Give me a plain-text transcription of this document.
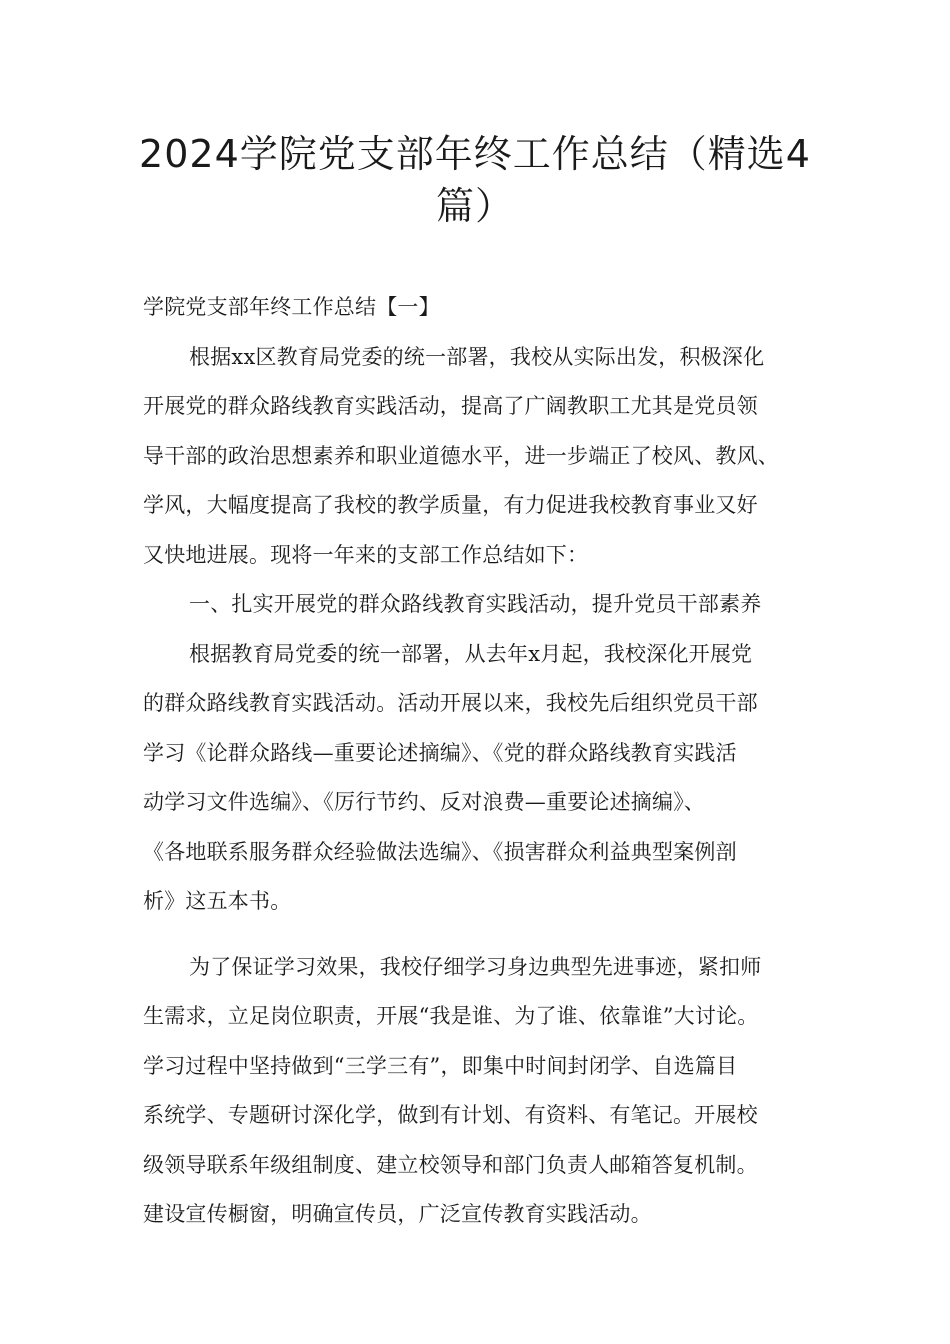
2024学院党支部年终工作总结（精选4
篇）
学院党支部年终工作总结【一】
根据xx区教育局党委的统一部署，我校从实际出发，积极深化
开展党的群众路线教育实践活动，提高了广阔教职工尤其是党员领
导干部的政治思想素养和职业道德水平，进一步端正了校风、教风、
学风，大幅度提高了我校的教学质量，有力促进我校教育事业又好
又快地进展。现将一年来的支部工作总结如下：
一、扎实开展党的群众路线教育实践活动，提升党员干部素养
根据教育局党委的统一部署，从去年x月起，我校深化开展党
的群众路线教育实践活动。活动开展以来，我校先后组织党员干部
学习《论群众路线—重要论述摘编》、《党的群众路线教育实践活
动学习文件选编》、《厉行节约、反对浪费—重要论述摘编》、
《各地联系服务群众经验做法选编》、《损害群众利益典型案例剖
析》这五本书。
为了保证学习效果，我校仔细学习身边典型先进事迹，紧扣师
生需求，立足岗位职责，开展“我是谁、为了谁、依靠谁”大讨论。
学习过程中坚持做到“三学三有”，即集中时间封闭学、自选篇目
系统学、专题研讨深化学，做到有计划、有资料、有笔记。开展校
级领导联系年级组制度、建立校领导和部门负责人邮箱答复机制。
建设宣传橱窗，明确宣传员，广泛宣传教育实践活动。
